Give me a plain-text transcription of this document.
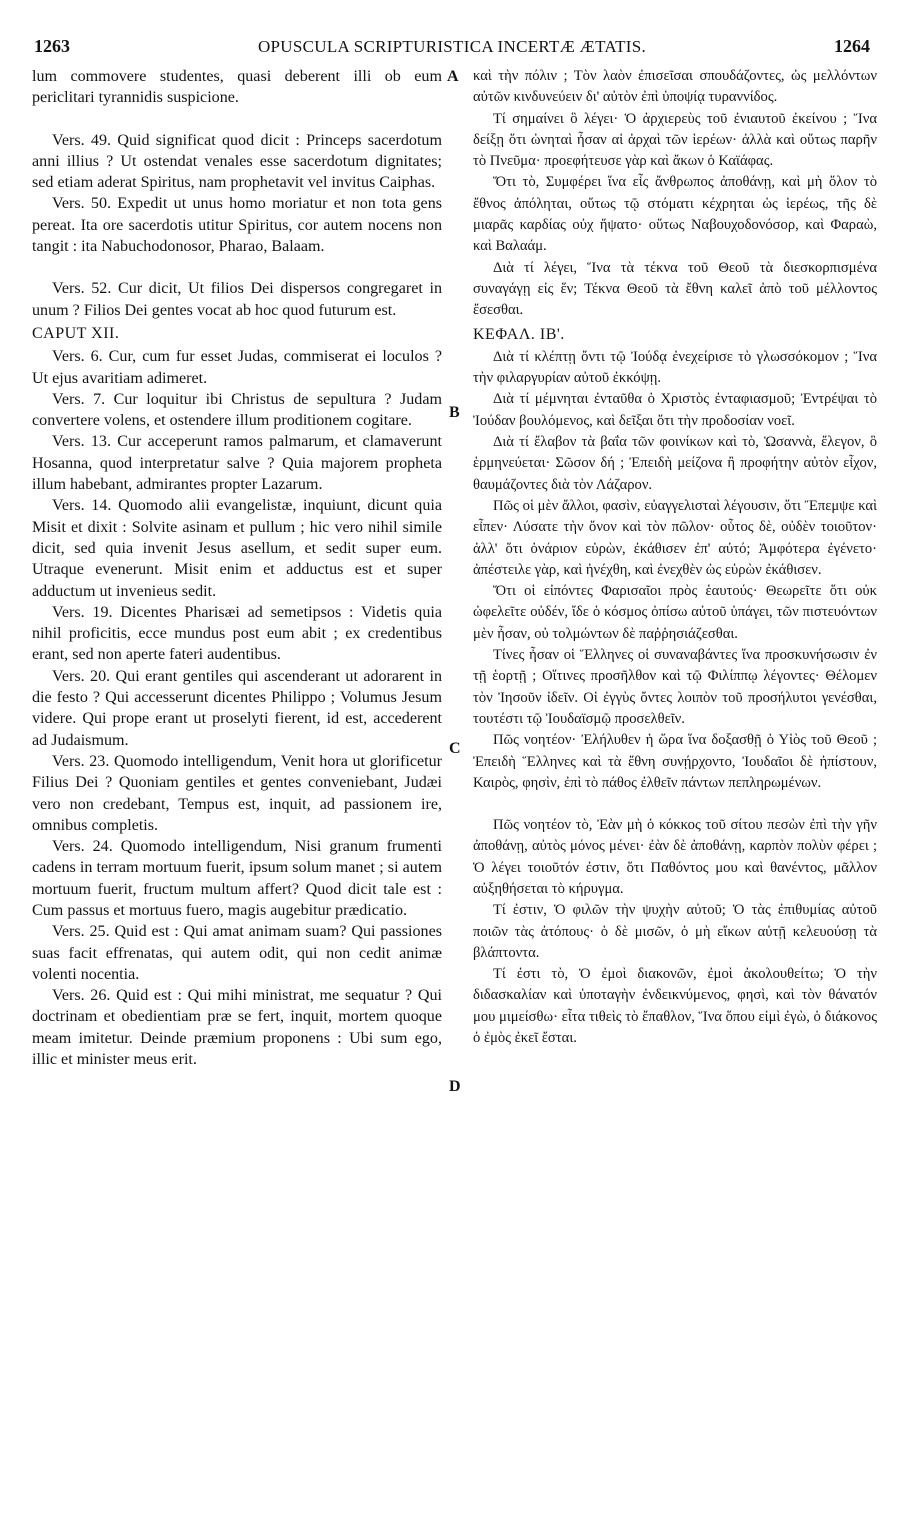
1263	OPUSCULA SCRIPTURISTICA INCERTÆ ÆTATIS.	1264
A
B
C
D

lum commovere studentes, quasi deberent illi ob eum periclitari tyrannidis suspicione.

Vers. 49. Quid significat quod dicit : Princeps sacerdotum anni illius ? Ut ostendat venales esse sacerdotum dignitates; sed etiam aderat Spiritus, nam prophetavit vel invitus Caiphas.

Vers. 50. Expedit ut unus homo moriatur et non tota gens pereat. Ita ore sacerdotis utitur Spiritus, cor autem nocens non tangit : ita Nabuchodonosor, Pharao, Balaam.

Vers. 52. Cur dicit, Ut filios Dei dispersos congregaret in unum ? Filios Dei gentes vocat ab hoc quod futurum est.

CAPUT XII.

Vers. 6. Cur, cum fur esset Judas, commiserat ei loculos ? Ut ejus avaritiam adimeret.

Vers. 7. Cur loquitur ibi Christus de sepultura ? Judam convertere volens, et ostendere illum proditionem cogitare.

Vers. 13. Cur acceperunt ramos palmarum, et clamaverunt Hosanna, quod interpretatur salve ? Quia majorem propheta illum habebant, admirantes propter Lazarum.

Vers. 14. Quomodo alii evangelistæ, inquiunt, dicunt quia Misit et dixit : Solvite asinam et pullum ; hic vero nihil simile dicit, sed quia invenit Jesus asellum, et sedit super eum. Utraque evenerunt. Misit enim et adductus est et super adductum ut invenieus sedit.

Vers. 19. Dicentes Pharisæi ad semetipsos : Videtis quia nihil proficitis, ecce mundus post eum abit ; ex credentibus erant, sed non aperte fateri audentibus.

Vers. 20. Qui erant gentiles qui ascenderant ut adorarent in die festo ? Qui accesserunt dicentes Philippo ; Volumus Jesum videre. Qui prope erant ut proselyti fierent, id est, accederent ad Judaismum.

Vers. 23. Quomodo intelligendum, Venit hora ut glorificetur Filius Dei ? Quoniam gentiles et gentes conveniebant, Judæi vero non credebant, Tempus est, inquit, ad passionem ire, omnibus completis.

Vers. 24. Quomodo intelligendum, Nisi granum frumenti cadens in terram mortuum fuerit, ipsum solum manet ; si autem mortuum fuerit, fructum multum affert? Quod dicit tale est : Cum passus et mortuus fuero, magis augebitur prædicatio.

Vers. 25. Quid est : Qui amat animam suam? Qui passiones suas facit effrenatas, qui autem odit, qui non cedit animæ volenti nocentia.

Vers. 26. Quid est : Qui mihi ministrat, me sequatur ? Qui doctrinam et obedientiam præ se fert, inquit, mortem quoque meam imitetur. Deinde præmium proponens : Ubi sum ego, illic et minister meus erit.

καὶ τὴν πόλιν ; Τὸν λαὸν ἐπισεῖσαι σπουδάζοντες, ὡς μελλόντων αὐτῶν κινδυνεύειν δι' αὐτὸν ἐπὶ ὑποψίᾳ τυραννίδος.

Τί σημαίνει ὃ λέγει· Ὁ ἀρχιερεὺς τοῦ ἐνιαυτοῦ ἐκείνου ; Ἵνα δείξῃ ὅτι ὠνηταὶ ἦσαν αἱ ἀρχαὶ τῶν ἱερέων· ἀλλὰ καὶ οὕτως παρῆν τὸ Πνεῦμα· προεφήτευσε γὰρ καὶ ἄκων ὁ Καϊάφας.

Ὅτι τὸ, Συμφέρει ἵνα εἷς ἄνθρωπος ἀποθάνῃ, καὶ μὴ ὅλον τὸ ἔθνος ἀπόληται, οὕτως τῷ στόματι κέχρηται ὡς ἱερέως, τῆς δὲ μιαρᾶς καρδίας οὐχ ἥψατο· οὕτως Ναβουχοδονόσορ, καὶ Φαραὼ, καὶ Βαλαάμ.

Διὰ τί λέγει, Ἵνα τὰ τέκνα τοῦ Θεοῦ τὰ διεσκορπισμένα συναγάγῃ εἰς ἕν; Τέκνα Θεοῦ τὰ ἔθνη καλεῖ ἀπὸ τοῦ μέλλοντος ἔσεσθαι.

ΚΕΦΑΛ. ΙΒ'.

Διὰ τί κλέπτῃ ὄντι τῷ Ἰούδᾳ ἐνεχείρισε τὸ γλωσσόκομον ; Ἵνα τὴν φιλαργυρίαν αὐτοῦ ἐκκόψῃ.

Διὰ τί μέμνηται ἐνταῦθα ὁ Χριστὸς ἐνταφιασμοῦ; Ἐντρέψαι τὸ Ἰούδαν βουλόμενος, καὶ δεῖξαι ὅτι τὴν προδοσίαν νοεῖ.

Διὰ τί ἔλαβον τὰ βαΐα τῶν φοινίκων καὶ τὸ, Ὡσαννὰ, ἔλεγον, ὃ ἑρμηνεύεται· Σῶσον δή ; Ἐπειδὴ μείζονα ἢ προφήτην αὐτὸν εἶχον, θαυμάζοντες διὰ τὸν Λάζαρον.

Πῶς οἱ μὲν ἄλλοι, φασὶν, εὐαγγελισταὶ λέγουσιν, ὅτι Ἔπεμψε καὶ εἶπεν· Λύσατε τὴν ὄνον καὶ τὸν πῶλον· οὗτος δὲ, οὐδὲν τοιοῦτον· ἀλλ' ὅτι ὀνάριον εὑρὼν, ἐκάθισεν ἐπ' αὐτό; Ἀμφότερα ἐγένετο· ἀπέστειλε γὰρ, καὶ ἠνέχθη, καὶ ἐνεχθὲν ὡς εὑρὼν ἐκάθισεν.

Ὅτι οἱ εἰπόντες Φαρισαῖοι πρὸς ἑαυτούς· Θεωρεῖτε ὅτι οὐκ ὠφελεῖτε οὐδέν, ἴδε ὁ κόσμος ὀπίσω αὐτοῦ ὑπάγει, τῶν πιστευόντων μὲν ἦσαν, οὐ τολμώντων δὲ παῤῥησιάζεσθαι.

Τίνες ἦσαν οἱ Ἕλληνες οἱ συναναβάντες ἵνα προσκυνήσωσιν ἐν τῇ ἑορτῇ ; Οἵτινες προσῆλθον καὶ τῷ Φιλίππῳ λέγοντες· Θέλομεν τὸν Ἰησοῦν ἰδεῖν. Οἱ ἐγγὺς ὄντες λοιπὸν τοῦ προσήλυτοι γενέσθαι, τουτέστι τῷ Ἰουδαϊσμῷ προσελθεῖν.

Πῶς νοητέον· Ἐλήλυθεν ἡ ὥρα ἵνα δοξασθῇ ὁ Υἱὸς τοῦ Θεοῦ ; Ἐπειδὴ Ἕλληνες καὶ τὰ ἔθνη συνῄρχοντο, Ἰουδαῖοι δὲ ἠπίστουν, Καιρὸς, φησὶν, ἐπὶ τὸ πάθος ἐλθεῖν πάντων πεπληρωμένων.

Πῶς νοητέον τὸ, Ἐὰν μὴ ὁ κόκκος τοῦ σίτου πεσὼν ἐπὶ τὴν γῆν ἀποθάνῃ, αὐτὸς μόνος μένει· ἐὰν δὲ ἀποθάνῃ, καρπὸν πολὺν φέρει ; Ὁ λέγει τοιοῦτόν ἐστιν, ὅτι Παθόντος μου καὶ θανέντος, μᾶλλον αὐξηθήσεται τὸ κήρυγμα.

Τί ἐστιν, Ὁ φιλῶν τὴν ψυχὴν αὐτοῦ; Ὁ τὰς ἐπιθυμίας αὐτοῦ ποιῶν τὰς ἀτόπους· ὁ δὲ μισῶν, ὁ μὴ εἴκων αὐτῇ κελευούσῃ τὰ βλάπτοντα.

Τί ἐστι τὸ, Ὁ ἐμοὶ διακονῶν, ἐμοὶ ἀκολουθείτω; Ὁ τὴν διδασκαλίαν καὶ ὑποταγὴν ἐνδεικνύμενος, φησὶ, καὶ τὸν θάνατόν μου μιμείσθω· εἶτα τιθεὶς τὸ ἔπαθλον, Ἵνα ὅπου εἰμὶ ἐγὼ, ὁ διάκονος ὁ ἐμὸς ἐκεῖ ἔσται.
